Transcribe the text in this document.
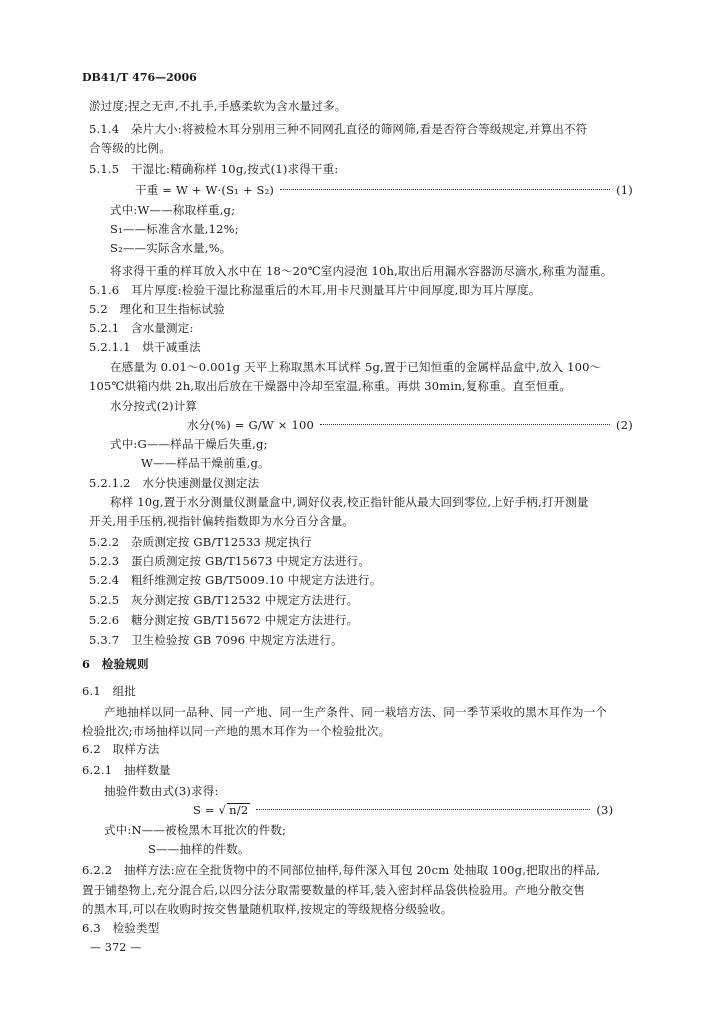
DB41/T 476—2006
淤过度;捏之无声,不扎手,手感柔软为含水量过多。
5.1.4　朵片大小:将被检木耳分别用三种不同网孔直径的筛网筛,看是否符合等级规定,并算出不符
合等级的比例。
5.1.5　干湿比:精确称样 10g,按式(1)求得干重:
干重 = W + W·(S₁ + S₂)	(1)
式中:W——称取样重,g;
S₁——标准含水量,12%;
S₂——实际含水量,%。
将求得干重的样耳放入水中在 18～20℃室内浸泡 10h,取出后用漏水容器沥尽滴水,称重为湿重。
5.1.6　耳片厚度:检验干湿比称湿重后的木耳,用卡尺测量耳片中间厚度,即为耳片厚度。
5.2　理化和卫生指标试验
5.2.1　含水量测定:
5.2.1.1　烘干减重法
在感量为 0.01～0.001g 天平上称取黑木耳试样 5g,置于已知恒重的金属样品盒中,放入 100～
105℃烘箱内烘 2h,取出后放在干燥器中冷却至室温,称重。再烘 30min,复称重。直至恒重。
水分按式(2)计算
水分(%) = G/W × 100	(2)
式中:G——样品干燥后失重,g;
W——样品干燥前重,g。
5.2.1.2　水分快速测量仪测定法
称样 10g,置于水分测量仪测量盒中,调好仪表,校正指针能从最大回到零位,上好手柄,打开测量
开关,用手压柄,视指针偏转指数即为水分百分含量。
5.2.2　杂质测定按 GB/T12533 规定执行
5.2.3　蛋白质测定按 GB/T15673 中规定方法进行。
5.2.4　粗纤维测定按 GB/T5009.10 中规定方法进行。
5.2.5　灰分测定按 GB/T12532 中规定方法进行。
5.2.6　糖分测定按 GB/T15672 中规定方法进行。
5.3.7　卫生检验按 GB 7096 中规定方法进行。
6　检验规则
6.1　组批
产地抽样以同一品种、同一产地、同一生产条件、同一栽培方法、同一季节采收的黑木耳作为一个
检验批次;市场抽样以同一产地的黑木耳作为一个检验批次。
6.2　取样方法
6.2.1　抽样数量
抽验件数由式(3)求得:
S = √ n/2	(3)
式中:N——被检黑木耳批次的件数;
S——抽样的件数。
6.2.2　抽样方法:应在全批货物中的不同部位抽样,每件深入耳包 20cm 处抽取 100g,把取出的样品,
置于铺垫物上,充分混合后,以四分法分取需要数量的样耳,装入密封样品袋供检验用。产地分散交售
的黑木耳,可以在收购时按交售量随机取样,按规定的等级规格分级验收。
6.3　检验类型
— 372 —
